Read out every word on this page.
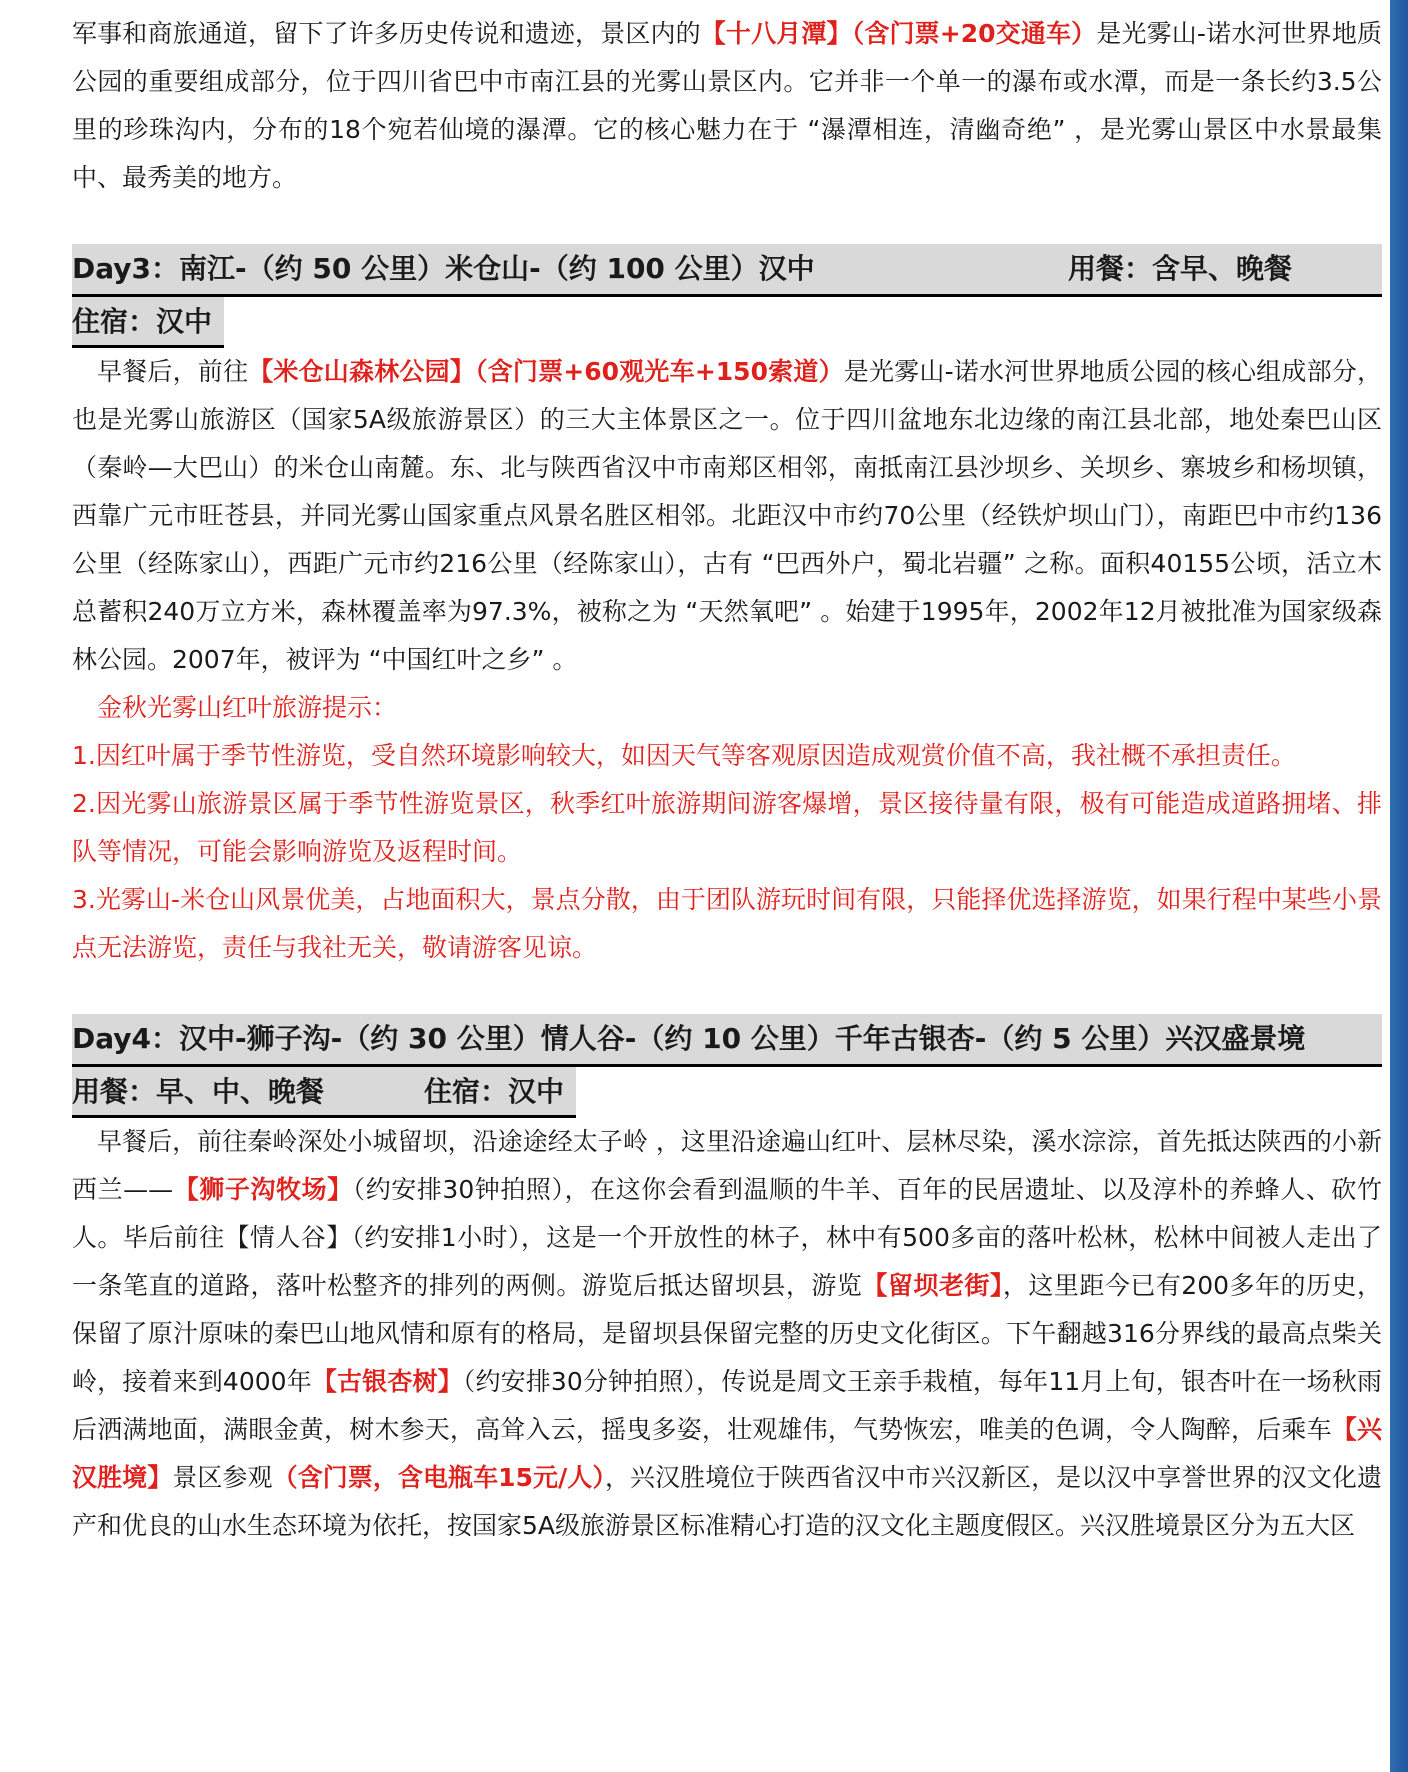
军事和商旅通道，留下了许多历史传说和遗迹，景区内的【十八月潭】（含门票+20交通车）是光雾山-诺水河世界地质公园的重要组成部分，位于四川省巴中市南江县的光雾山景区内。它并非一个单一的瀑布或水潭，而是一条长约3.5公里的珍珠沟内，分布的18个宛若仙境的瀑潭。它的核心魅力在于 “瀑潭相连，清幽奇绝” ，是光雾山景区中水景最集中、最秀美的地方。

Day3：南江-（约 50 公里）米仓山-（约 100 公里）汉中	用餐：含早、晚餐
住宿：汉中

早餐后，前往【米仓山森林公园】（含门票+60观光车+150索道）是光雾山-诺水河世界地质公园的核心组成部分，也是光雾山旅游区（国家5A级旅游景区）的三大主体景区之一。位于四川盆地东北边缘的南江县北部，地处秦巴山区（秦岭—大巴山）的米仓山南麓。东、北与陕西省汉中市南郑区相邻，南抵南江县沙坝乡、关坝乡、寨坡乡和杨坝镇，西靠广元市旺苍县，并同光雾山国家重点风景名胜区相邻。北距汉中市约70公里（经铁炉坝山门），南距巴中市约136公里（经陈家山），西距广元市约216公里（经陈家山），古有 “巴西外户，蜀北岩疆” 之称。面积40155公顷，活立木总蓄积240万立方米，森林覆盖率为97.3%，被称之为 “天然氧吧” 。始建于1995年，2002年12月被批准为国家级森林公园。2007年，被评为 “中国红叶之乡” 。

金秋光雾山红叶旅游提示：

1.因红叶属于季节性游览，受自然环境影响较大，如因天气等客观原因造成观赏价值不高，我社概不承担责任。

2.因光雾山旅游景区属于季节性游览景区，秋季红叶旅游期间游客爆增，景区接待量有限，极有可能造成道路拥堵、排队等情况，可能会影响游览及返程时间。

3.光雾山-米仓山风景优美，占地面积大，景点分散，由于团队游玩时间有限，只能择优选择游览，如果行程中某些小景点无法游览，责任与我社无关，敬请游客见谅。

Day4：汉中-狮子沟-（约 30 公里）情人谷-（约 10 公里）千年古银杏-（约 5 公里）兴汉盛景境
用餐：早、中、晚餐	住宿：汉中

早餐后，前往秦岭深处小城留坝，沿途途经太子岭 ，这里沿途遍山红叶、层林尽染，溪水淙淙，首先抵达陕西的小新西兰——【狮子沟牧场】（约安排30钟拍照），在这你会看到温顺的牛羊、百年的民居遗址、以及淳朴的养蜂人、砍竹人。毕后前往【情人谷】（约安排1小时），这是一个开放性的林子，林中有500多亩的落叶松林，松林中间被人走出了一条笔直的道路，落叶松整齐的排列的两侧。游览后抵达留坝县，游览【留坝老街】，这里距今已有200多年的历史，保留了原汁原味的秦巴山地风情和原有的格局，是留坝县保留完整的历史文化街区。下午翻越316分界线的最高点柴关岭，接着来到4000年【古银杏树】（约安排30分钟拍照），传说是周文王亲手栽植，每年11月上旬，银杏叶在一场秋雨后洒满地面，满眼金黄，树木参天，高耸入云，摇曳多姿，壮观雄伟，气势恢宏，唯美的色调，令人陶醉，后乘车【兴汉胜境】景区参观（含门票，含电瓶车15元/人），兴汉胜境位于陕西省汉中市兴汉新区，是以汉中享誉世界的汉文化遗产和优良的山水生态环境为依托，按国家5A级旅游景区标准精心打造的汉文化主题度假区。兴汉胜境景区分为五大区
